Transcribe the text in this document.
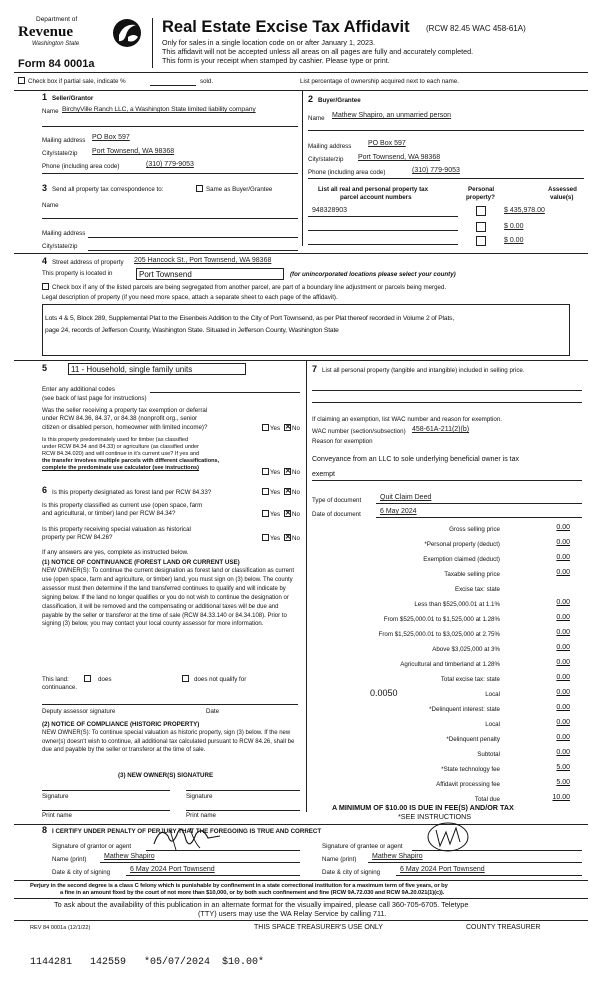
Department of
Revenue
Washington State
Form 84 0001a
Real Estate Excise Tax Affidavit (RCW 82.45 WAC 458-61A)
Only for sales in a single location code on or after January 1, 2023.
This affidavit will not be accepted unless all areas on all pages are fully and accurately completed.
This form is your receipt when stamped by cashier. Please type or print.
Check box if partial sale, indicate %	sold.	List percentage of ownership acquired next to each name.
1 Seller/Grantor
Name BirchyVille Ranch LLC, a Washington State limited liability company
Mailing address PO Box 597
City/state/zip Port Townsend, WA 98368
Phone (including area code)	(310) 779-9053
2 Buyer/Grantee
Name Mathew Shapiro, an unmarried person
Mailing address PO Box 597
City/state/zip Port Townsend, WA 98368
Phone (including area code)	(310) 779-9053
3 Send all property tax correspondence to:	Same as Buyer/Grantee
Name
Mailing address
City/state/zip
List all real and personal property tax
parcel account numbers
Personal
property?
Assessed
value(s)
948328903	$ 435,978.00
$ 0.00
$ 0.00
4 Street address of property 205 Hancock St., Port Townsend, WA 98368
This property is located in	Port Townsend	(for unincorporated locations please select your county)
Check box if any of the listed parcels are being segregated from another parcel, are part of a boundary line adjustment or parcels being merged.
Legal description of property (if you need more space, attach a separate sheet to each page of the affidavit).
Lots 4 & 5, Block 289, Supplemental Plat to the Eisenbeis Addition to the City of Port Townsend, as per Plat thereof recorded in Volume 2 of Plats,
page 24, records of Jefferson County, Washington State. Situated in Jefferson County, Washington State
5	11 - Household, single family units
Enter any additional codes
(see back of last page for instructions)
Was the seller receiving a property tax exemption or deferral
under RCW 84.36, 84.37, or 84.38 (nonprofit org., senior
citizen or disabled person, homeowner with limited income)?	Yes ✕ No
Is this property predominately used for timber (as classified
under RCW 84.34 and 84.33) or agriculture (as classified under
RCW 84.34.020) and will continue in it's current use? If yes and
the transfer involves multiple parcels with different classifications,
complete the predominate use calculator (see instructions)
Yes ✕ No
6 Is this property designated as forest land per RCW 84.33?	Yes ✕ No
Is this property classified as current use (open space, farm
and agricultural, or timber) land per RCW 84.34?	Yes ✕ No
Is this property receiving special valuation as historical
property per RCW 84.26?	Yes ✕ No
If any answers are yes, complete as instructed below.
(1) NOTICE OF CONTINUANCE (FOREST LAND OR CURRENT USE)
NEW OWNER(S): To continue the current designation as forest land or classification as current use (open space, farm and agriculture, or timber) land, you must sign on (3) below. The county assessor must then determine if the land transferred continues to qualify and will indicate by signing below. If the land no longer qualifies or you do not wish to continue the designation or classification, it will be removed and the compensating or additional taxes will be due and payable by the seller or transferor at the time of sale (RCW 84.33.140 or 84.34.108). Prior to signing (3) below, you may contact your local county assessor for more information.
This land:	does	does not qualify for
continuance.
Deputy assessor signature	Date
(2) NOTICE OF COMPLIANCE (HISTORIC PROPERTY)
NEW OWNER(S): To continue special valuation as historic property, sign (3) below. If the new owner(s) doesn't wish to continue, all additional tax calculated pursuant to RCW 84.26, shall be due and payable by the seller or transferor at the time of sale.
(3) NEW OWNER(S) SIGNATURE
Signature	Signature
Print name	Print name
7 List all personal property (tangible and intangible) included in selling price.
If claiming an exemption, list WAC number and reason for exemption.
WAC number (section/subsection) 458-61A-211(2)(b)
Reason for exemption
Conveyance from an LLC to sole underlying beneficial owner is tax
exempt
Type of document	Quit Claim Deed
Date of document	6 May 2024
Gross selling price	0.00
*Personal property (deduct)	0.00
Exemption claimed (deduct)	0.00
Taxable selling price	0.00
Excise tax: state
Less than $525,000.01 at 1.1%	0.00
From $525,000.01 to $1,525,000 at 1.28%	0.00
From $1,525,000.01 to $3,025,000 at 2.75%	0.00
Above $3,025,000 at 3%	0.00
Agricultural and timberland at 1.28%	0.00
Total excise tax: state	0.00
0.0050	Local	0.00
*Delinquent interest: state	0.00
Local	0.00
*Delinquent penalty	0.00
Subtotal	0.00
*State technology fee	5.00
Affidavit processing fee	5.00
Total due	10.00
A MINIMUM OF $10.00 IS DUE IN FEE(S) AND/OR TAX
*SEE INSTRUCTIONS
8 I CERTIFY UNDER PENALTY OF PERJURY THAT THE FOREGOING IS TRUE AND CORRECT
Signature of grantor or agent
Name (print)	Mathew Shapiro
Date & city of signing	6 May 2024 Port Townsend
Signature of grantee or agent
Name (print) Mathew Shapiro
Date & city of signing	6 May 2024 Port Townsend
Perjury in the second degree is a class C felony which is punishable by confinement in a state correctional institution for a maximum term of five years, or by
a fine in an amount fixed by the court of not more than $10,000, or by both such confinement and fine (RCW 9A.72.030 and RCW 9A.20.021(1)(c)).
To ask about the availability of this publication in an alternate format for the visually impaired, please call 360-705-6705. Teletype
(TTY) users may use the WA Relay Service by calling 711.
REV 84 0001a (12/1/22)	THIS SPACE TREASURER'S USE ONLY	COUNTY TREASURER
1144281   142559   *05/07/2024  $10.00*
